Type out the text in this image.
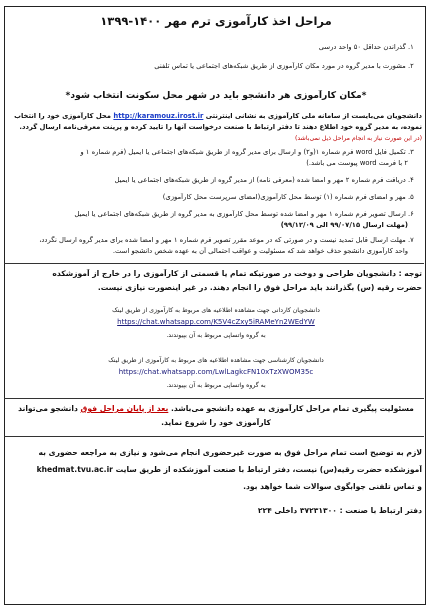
مراحل اخذ کارآموزی ترم مهر ۱۴۰۰-۱۳۹۹
۱. گذراندن حداقل ۵۰ واحد درسی
۲. مشورت با مدیر گروه در مورد مکان کارآموزی از طریق شبکه‌های اجتماعی یا تماس تلفنی
*مکان کارآموزی هر دانشجو باید در شهر محل سکونت انتخاب شود*
دانشجویان می‌بایست از سامانه ملی کارآموزی به نشانی اینترنتی http://karamouz.irost.ir محل کارآموزی خود را انتخاب
نموده، به مدیر گروه خود اطلاع دهند تا دفتر ارتباط با صنعت درخواست آنها را تایید کرده و پرینت معرفی‌نامه ارسال گردد.
(در این صورت نیاز به انجام مراحل ذیل نمی‌باشد)
۳. تکمیل فایل word فرم شماره ۱(و۲) و ارسال برای مدیر گروه از طریق شبکه‌های اجتماعی یا ایمیل (فرم شماره ۱ و
۲ با فرمت word پیوست می باشد.)
۴. دریافت فرم شماره ۲ مهر و امضا شده (معرفی نامه) از مدیر گروه از طریق شبکه‌های اجتماعی یا ایمیل
۵. مهر و امضای فرم شماره (۱) توسط محل کارآموزی(امضای سرپرست محل کارآموزی)
۶. ارسال تصویر فرم شماره ۱ مهر و امضا شده توسط محل کارآموزی به مدیر گروه از طریق شبکه‌های اجتماعی یا ایمیل
(مهلت ارسال ۹۹/۰۷/۱۵ الی ۹۹/۱۲/۰۹)
۷. مهلت ارسال قابل تمدید نیست و در صورتی که در موعد مقرر تصویر فرم شماره ۱ مهر و امضا شده برای مدیر گروه ارسال نگردد،
واحد کارآموزی دانشجو حذف خواهد شد که مسئولیت و عواقب احتمالی آن به عهده شخص دانشجو است.
توجه : دانشجویان طراحی و دوخت در صورتیکه تمام یا قسمتی از کارآموزی را در خارج از آموزشکده
حضرت رقیه (س) بگذرانند باید مراحل فوق را انجام دهند. در غیر اینصورت نیازی نیست.
دانشجویان کاردانی جهت مشاهده اطلاعیه های مربوط به کارآموزی از طریق لینک
https://chat.whatsapp.com/K5V4cZxy5iRAMeYn2WEdYW
به گروه واتساپی مربوط به آن بپیوندند.
دانشجویان کارشناسی جهت مشاهده اطلاعیه های مربوط به کارآموزی از طریق لینک
https://chat.whatsapp.com/LwlLagkcFN10xTzXWOM35c
به گروه واتساپی مربوط به آن بپیوندند.
مسئولیت پیگیری تمام مراحل کارآموزی به عهده دانشجو می‌باشد. بعد از پایان مراحل فوق دانشجو می‌تواند
کارآموزی خود را شروع نماید.
لازم به توضیح است تمام مراحل فوق به صورت غیرحضوری انجام می‌شود و نیازی به مراجعه حضوری به
آموزشکده حضرت رقیه(س) نیست، دفتر ارتباط با صنعت آموزشکده از طریق سایت khedmat.tvu.ac.ir
و تماس تلفنی جوابگوی سوالات شما خواهد بود.
دفتر ارتباط با صنعت : ۳۷۲۳۱۳۰۰ داخلی ۲۲۴
